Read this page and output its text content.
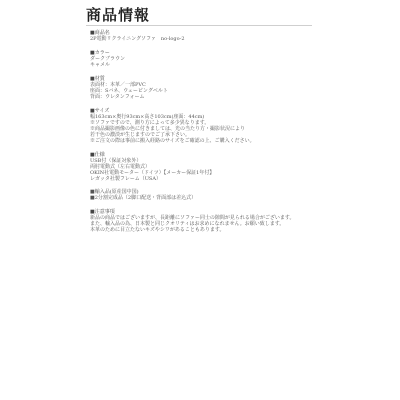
商品情報
■商品名
2P電動リクライニングソファ　no-logo-2
■カラー
ダークブラウン
キャメル
■材質
表面材：本革／一部PVC
座面：Sバネ、ウェービングベルト
背面：ウレタンフォーム
■サイズ
幅163cm×奥行93cm×高さ103cm(座面：44cm)
※ソファですので、測り方によって多少異なります。
※商品撮影画像の色に付きましては、光の当たり方・撮影状況により
若干色の濃淡が生じますのでご了承下さい。
※ご注文の際は事前に搬入経路のサイズをご確認の上、ご購入ください。
■仕様
USB付（保証対象外）
両肘電動式（左右電動式）
OKIN社電動モーター（ドイツ）【メーカー保証1年付】
レガッタ社製フレーム（USA）
■輸入品(原産国中国)
■2分割完成品（2脚口配送・背面部は差込式）
■注意事項
新品の商品ではございますが、長距離にソファー同士の隙間が見られる場合がございます。
また、輸入品の為、日本製と同じクオリティはお求めになれません。お願い致します。
本革のために目立たないキズやシワがあることもあります。
